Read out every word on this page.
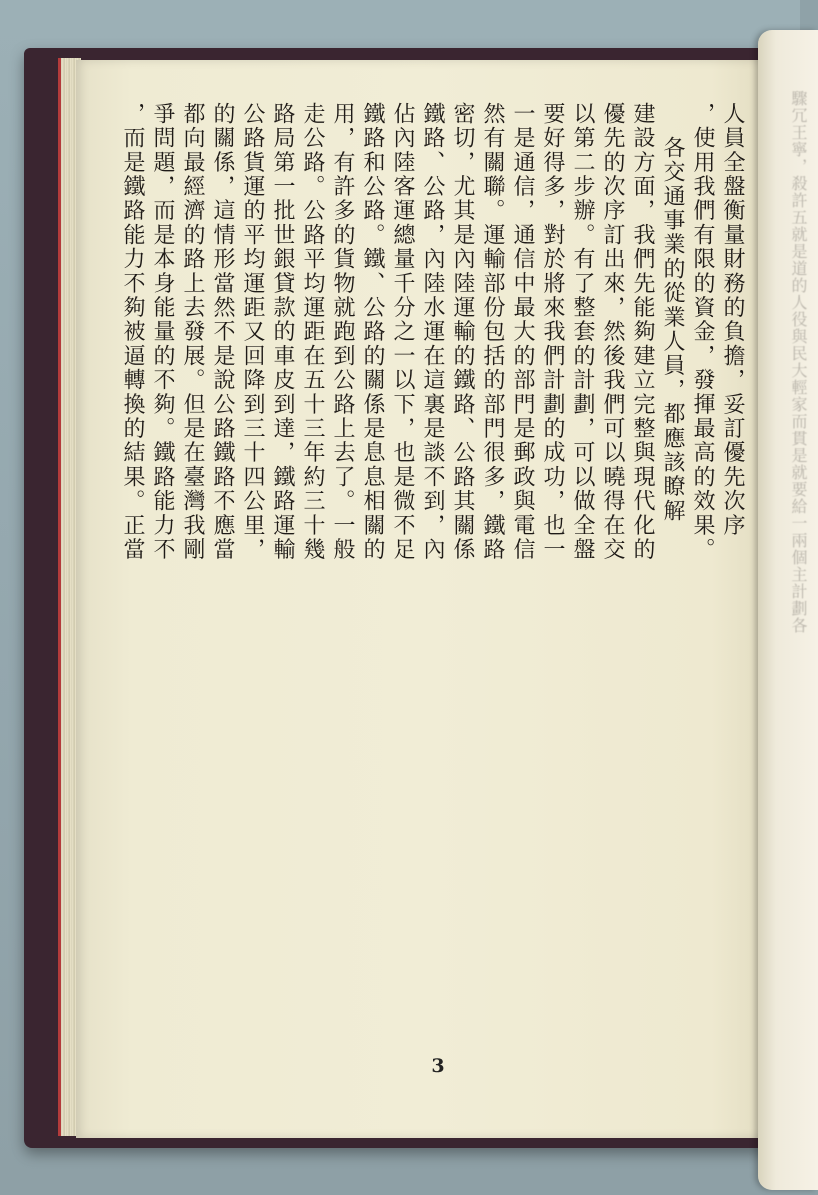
驟冗王寧，殺許五就是道的人役與民大輕家而貫是就要給一兩個主計劃各
人員全盤衡量財務的負擔，妥訂優先次序
，使用我們有限的資金，發揮最高的效果。
各交通事業的從業人員，都應該瞭解
建設方面，我們先能夠建立完整與現代化的
優先的次序訂出來，然後我們可以曉得在交
以第二步辦。有了整套的計劃，可以做全盤
要好得多，對於將來我們計劃的成功，也一
一是通信，通信中最大的部門是郵政與電信
然有關聯。運輸部份包括的部門很多，鐵路
密切，尤其是內陸運輸的鐵路、公路其關係
鐵路、公路，內陸水運在這裏是談不到，內
佔內陸客運總量千分之一以下，也是微不足
鐵路和公路。鐵、公路的關係是息息相關的
用，有許多的貨物就跑到公路上去了。一般
走公路。公路平均運距在五十三年約三十幾
路局第一批世銀貸款的車皮到達，鐵路運輸
公路貨運的平均運距又回降到三十四公里，
的關係，這情形當然不是說公路鐵路不應當
都向最經濟的路上去發展。但是在臺灣我剛
爭問題，而是本身能量的不夠。鐵路能力不
，而是鐵路能力不夠被逼轉換的結果。正當
3
